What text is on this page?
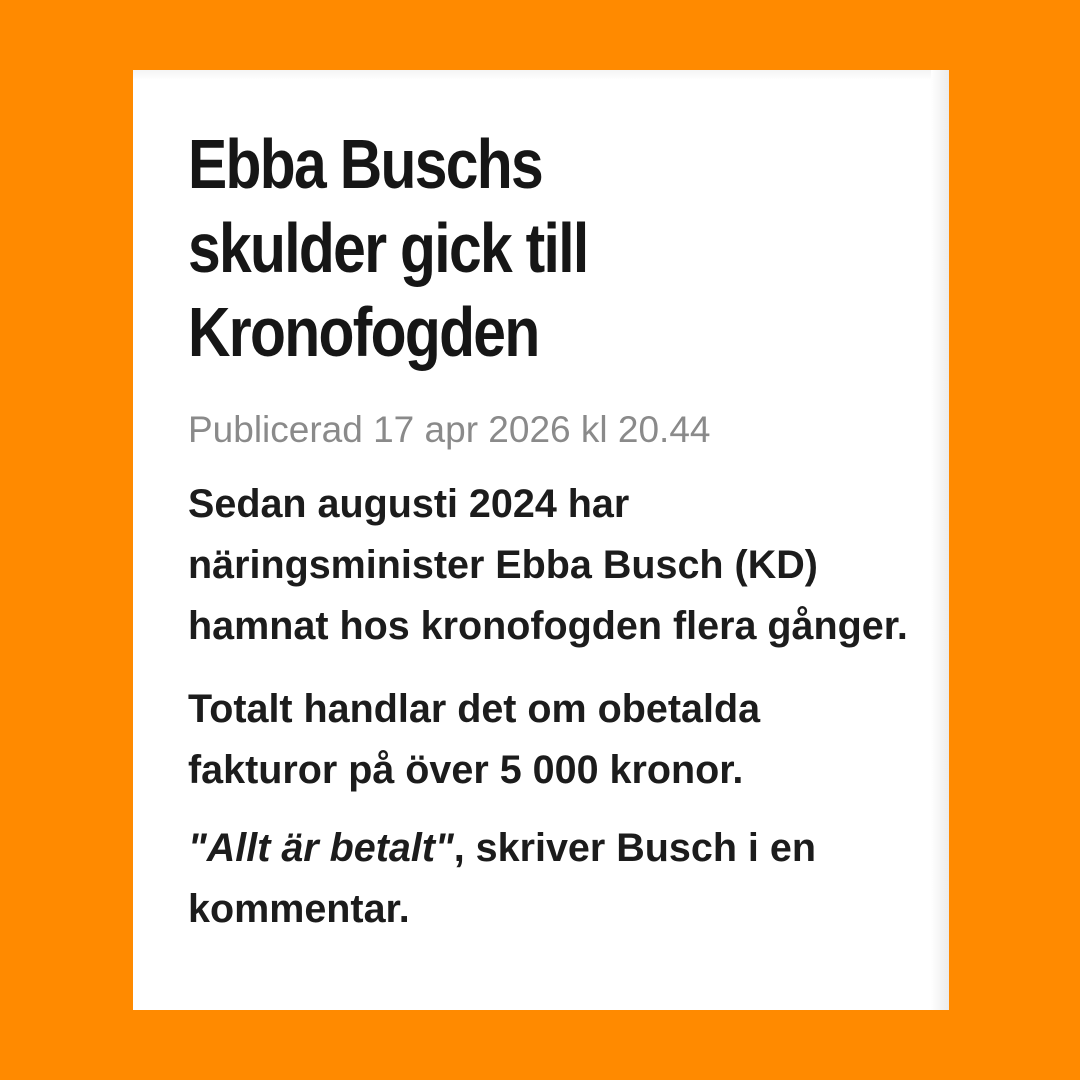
Ebba Buschs skulder gick till Kronofogden

Publicerad 17 apr 2026 kl 20.44

Sedan augusti 2024 har näringsminister Ebba Busch (KD) hamnat hos kronofogden flera gånger.

Totalt handlar det om obetalda fakturor på över 5 000 kronor.

"Allt är betalt", skriver Busch i en kommentar.
